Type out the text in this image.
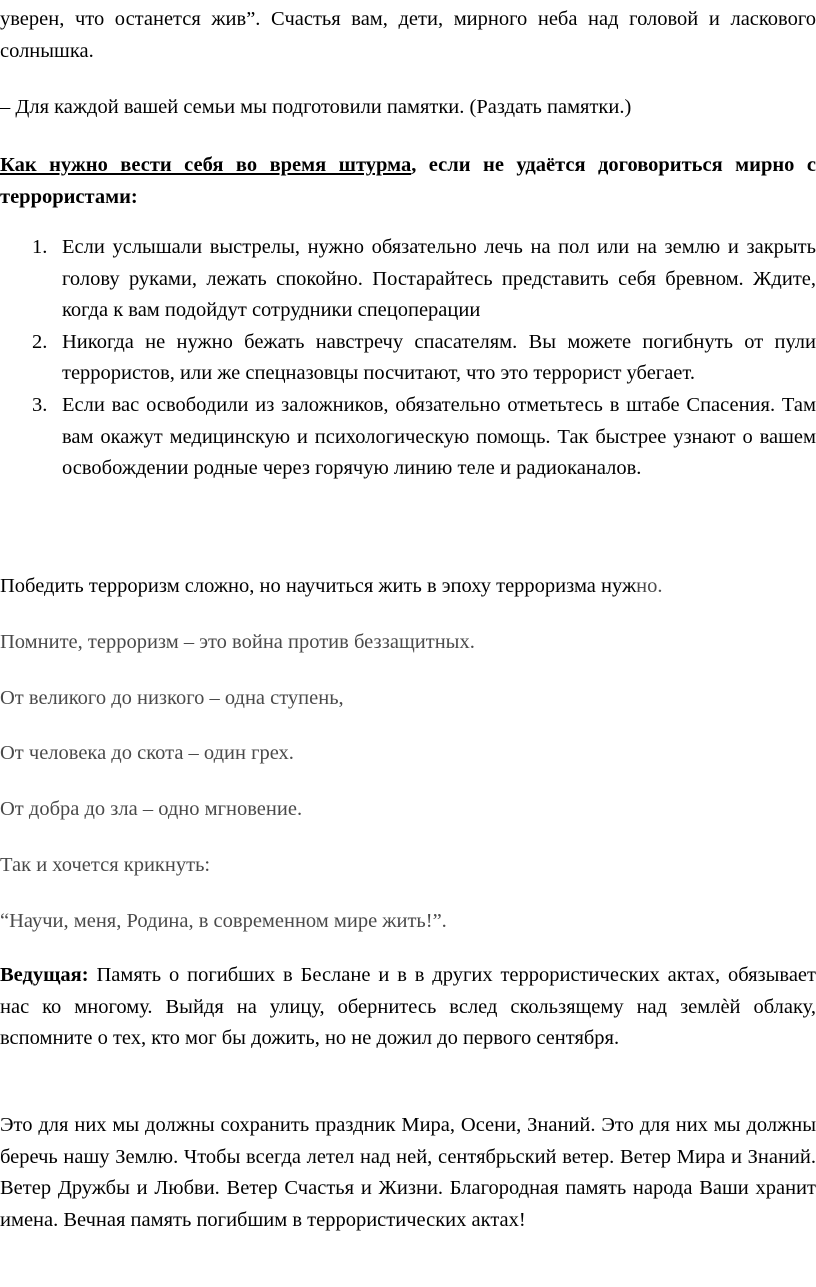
уверен, что останется жив”. Счастья вам, дети, мирного неба над головой и ласкового солнышка.

– Для каждой вашей семьи мы подготовили памятки. (Раздать памятки.)

Как нужно вести себя во время штурма, если не удаётся договориться мирно с террористами:

1. Если услышали выстрелы, нужно обязательно лечь на пол или на землю и закрыть голову руками, лежать спокойно. Постарайтесь представить себя бревном. Ждите, когда к вам подойдут сотрудники спецоперации
2. Никогда не нужно бежать навстречу спасателям. Вы можете погибнуть от пули террористов, или же спецназовцы посчитают, что это террорист убегает.
3. Если вас освободили из заложников, обязательно отметьтесь в штабе Спасения. Там вам окажут медицинскую и психологическую помощь. Так быстрее узнают о вашем освобождении родные через горячую линию теле и радиоканалов.

Победить терроризм сложно, но научиться жить в эпоху терроризма нужно.

Помните, терроризм – это война против беззащитных.

От великого до низкого – одна ступень,

От человека до скота – один грех.

От добра до зла – одно мгновение.

Так и хочется крикнуть:

“Научи, меня, Родина, в современном мире жить!”.

Ведущая: Память о погибших в Беслане и в в других террористических актах, обязывает нас ко многому. Выйдя на улицу, обернитесь вслед скользящему над землѐй облаку, вспомните о тех, кто мог бы дожить, но не дожил до первого сентября.

Это для них мы должны сохранить праздник Мира, Осени, Знаний. Это для них мы должны беречь нашу Землю. Чтобы всегда летел над ней, сентябрьский ветер. Ветер Мира и Знаний. Ветер Дружбы и Любви. Ветер Счастья и Жизни. Благородная память народа Ваши хранит имена. Вечная память погибшим в террористических актах!
